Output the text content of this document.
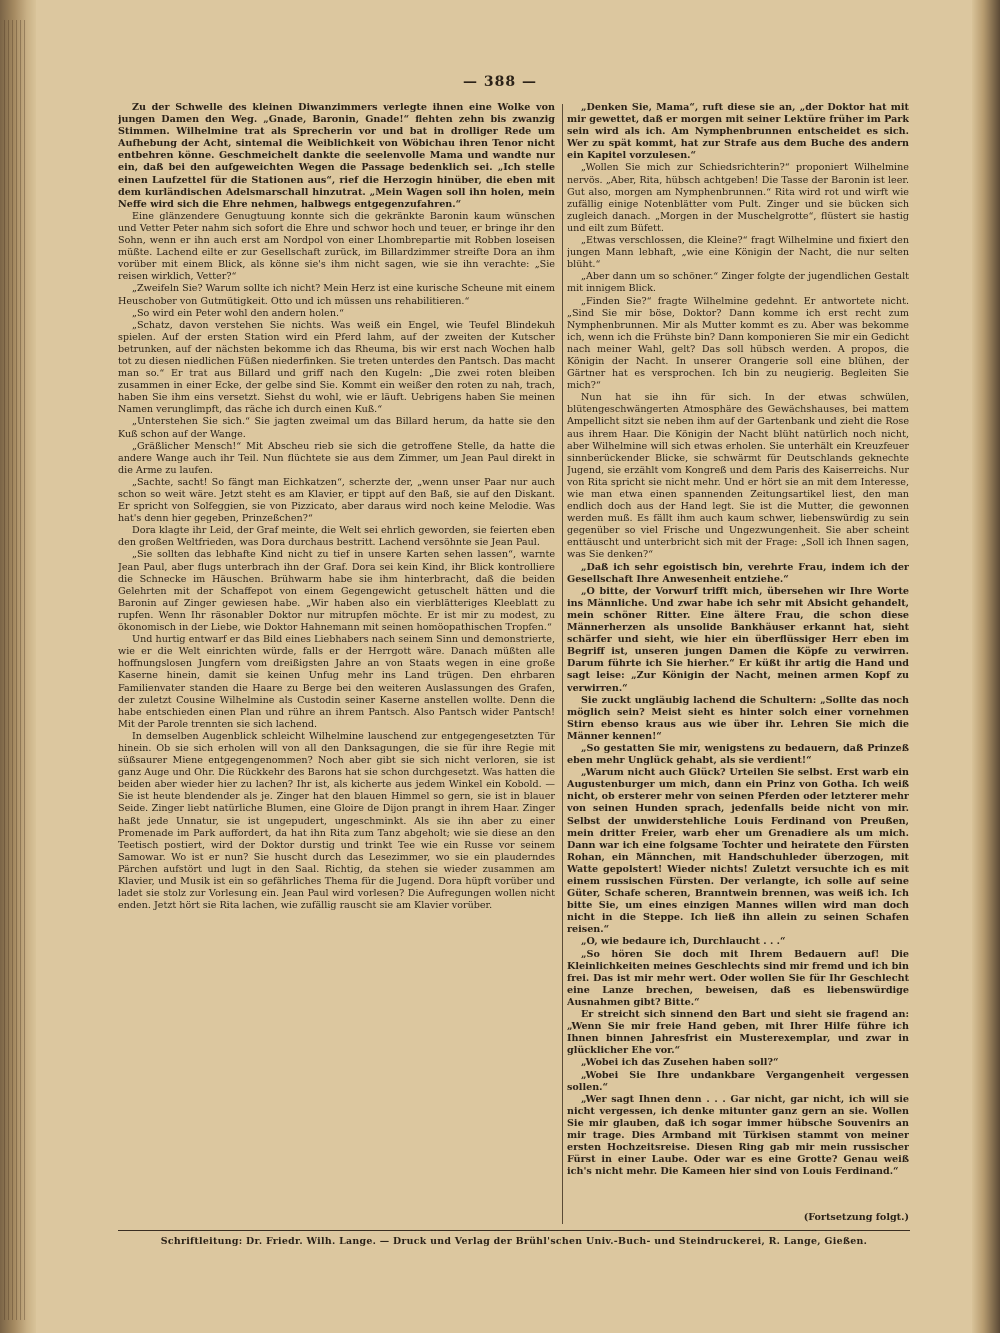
— 388 —

Zu der Schwelle des kleinen Diwanzimmers verlegte ihnen eine Wolke von jungen Damen den Weg. „Gnade, Baronin, Gnade!“ flehten zehn bis zwanzig Stimmen. Wilhelmine trat als Sprecherin vor und bat in drolliger Rede um Aufhebung der Acht, sintemal die Weiblichkeit von Wöbichau ihren Tenor nicht entbehren könne. Geschmeichelt dankte die seelenvolle Mama und wandte nur ein, daß bei den aufgeweichten Wegen die Passage bedenklich sei. „Ich stelle einen Laufzettel für die Stationen aus“, rief die Herzogin hinüber, die eben mit dem kurländischen Adelsmarschall hinzutrat. „Mein Wagen soll ihn holen, mein Neffe wird sich die Ehre nehmen, halbwegs entgegenzufahren.“

Eine glänzendere Genugtuung konnte sich die gekränkte Baronin kaum wünschen und Vetter Peter nahm sich sofort die Ehre und schwor hoch und teuer, er bringe ihr den Sohn, wenn er ihn auch erst am Nordpol von einer Lhombrepartie mit Robben loseisen müßte. Lachend eilte er zur Gesellschaft zurück, im Billardzimmer streifte Dora an ihm vorüber mit einem Blick, als könne sie's ihm nicht sagen, wie sie ihn verachte: „Sie reisen wirklich, Vetter?“

„Zweifeln Sie? Warum sollte ich nicht? Mein Herz ist eine kurische Scheune mit einem Heuschober von Gutmütigkeit. Otto und ich müssen uns rehabilitieren.“

„So wird ein Peter wohl den andern holen.“

„Schatz, davon verstehen Sie nichts. Was weiß ein Engel, wie Teufel Blindekuh spielen. Auf der ersten Station wird ein Pferd lahm, auf der zweiten der Kutscher betrunken, auf der nächsten bekomme ich das Rheuma, bis wir erst nach Wochen halb tot zu diesen niedlichen Füßen niederfinken. Sie treten unterdes den Pantsch. Das macht man so.“ Er trat aus Billard und griff nach den Kugeln: „Die zwei roten bleiben zusammen in einer Ecke, der gelbe sind Sie. Kommt ein weißer den roten zu nah, trach, haben Sie ihm eins versetzt. Siehst du wohl, wie er läuft. Uebrigens haben Sie meinen Namen verunglimpft, das räche ich durch einen Kuß.“

„Unterstehen Sie sich.“ Sie jagten zweimal um das Billard herum, da hatte sie den Kuß schon auf der Wange.

„Gräßlicher Mensch!“ Mit Abscheu rieb sie sich die getroffene Stelle, da hatte die andere Wange auch ihr Teil. Nun flüchtete sie aus dem Zimmer, um Jean Paul direkt in die Arme zu laufen.

„Sachte, sacht! So fängt man Eichkatzen“, scherzte der, „wenn unser Paar nur auch schon so weit wäre. Jetzt steht es am Klavier, er tippt auf den Baß, sie auf den Diskant. Er spricht von Solfeggien, sie von Pizzicato, aber daraus wird noch keine Melodie. Was hat's denn hier gegeben, Prinzeßchen?“

Dora klagte ihr Leid, der Graf meinte, die Welt sei ehrlich geworden, sie feierten eben den großen Weltfrieden, was Dora durchaus bestritt. Lachend versöhnte sie Jean Paul.

„Sie sollten das lebhafte Kind nicht zu tief in unsere Karten sehen lassen“, warnte Jean Paul, aber flugs unterbrach ihn der Graf. Dora sei kein Kind, ihr Blick kontrolliere die Schnecke im Häuschen. Brühwarm habe sie ihm hinterbracht, daß die beiden Gelehrten mit der Schaffepot von einem Gegengewicht getuschelt hätten und die Baronin auf Zinger gewiesen habe. „Wir haben also ein vierblätteriges Kleeblatt zu rupfen. Wenn Ihr räsonabler Doktor nur mitrupfen möchte. Er ist mir zu modest, zu ökonomisch in der Liebe, wie Doktor Hahnemann mit seinen homöopathischen Tropfen.“

Und hurtig entwarf er das Bild eines Liebhabers nach seinem Sinn und demonstrierte, wie er die Welt einrichten würde, falls er der Herrgott wäre. Danach müßten alle hoffnungslosen Jungfern vom dreißigsten Jahre an von Staats wegen in eine große Kaserne hinein, damit sie keinen Unfug mehr ins Land trügen. Den ehrbaren Familienvater standen die Haare zu Berge bei den weiteren Auslassungen des Grafen, der zuletzt Cousine Wilhelmine als Custodin seiner Kaserne anstellen wollte. Denn die habe entschieden einen Plan und rühre an ihrem Pantsch. Also Pantsch wider Pantsch! Mit der Parole trennten sie sich lachend.

In demselben Augenblick schleicht Wilhelmine lauschend zur entgegengesetzten Tür hinein. Ob sie sich erholen will von all den Danksagungen, die sie für ihre Regie mit süßsaurer Miene entgegengenommen? Noch aber gibt sie sich nicht verloren, sie ist ganz Auge und Ohr. Die Rückkehr des Barons hat sie schon durchgesetzt. Was hatten die beiden aber wieder hier zu lachen? Ihr ist, als kicherte aus jedem Winkel ein Kobold. — Sie ist heute blendender als je. Zinger hat den blauen Himmel so gern, sie ist in blauer Seide. Zinger liebt natürliche Blumen, eine Gloire de Dijon prangt in ihrem Haar. Zinger haßt jede Unnatur, sie ist ungepudert, ungeschminkt. Als sie ihn aber zu einer Promenade im Park auffordert, da hat ihn Rita zum Tanz abgeholt; wie sie diese an den Teetisch postiert, wird der Doktor durstig und trinkt Tee wie ein Russe vor seinem Samowar. Wo ist er nun? Sie huscht durch das Lesezimmer, wo sie ein plauderndes Pärchen aufstört und lugt in den Saal. Richtig, da stehen sie wieder zusammen am Klavier, und Musik ist ein so gefährliches Thema für die Jugend. Dora hüpft vorüber und ladet sie stolz zur Vorlesung ein. Jean Paul wird vorlesen? Die Aufregungen wollen nicht enden. Jetzt hört sie Rita lachen, wie zufällig rauscht sie am Klavier vorüber.

„Denken Sie, Mama“, ruft diese sie an, „der Doktor hat mit mir gewettet, daß er morgen mit seiner Lektüre früher im Park sein wird als ich. Am Nymphenbrunnen entscheidet es sich. Wer zu spät kommt, hat zur Strafe aus dem Buche des andern ein Kapitel vorzulesen.“

„Wollen Sie mich zur Schiedsrichterin?“ proponiert Wilhelmine nervös. „Aber, Rita, hübsch achtgeben! Die Tasse der Baronin ist leer. Gut also, morgen am Nymphenbrunnen.“ Rita wird rot und wirft wie zufällig einige Notenblätter vom Pult. Zinger und sie bücken sich zugleich danach. „Morgen in der Muschelgrotte“, flüstert sie hastig und eilt zum Büfett.

„Etwas verschlossen, die Kleine?“ fragt Wilhelmine und fixiert den jungen Mann lebhaft, „wie eine Königin der Nacht, die nur selten blüht.“

„Aber dann um so schöner.“ Zinger folgte der jugendlichen Gestalt mit innigem Blick.

„Finden Sie?“ fragte Wilhelmine gedehnt. Er antwortete nicht. „Sind Sie mir böse, Doktor? Dann komme ich erst recht zum Nymphenbrunnen. Mir als Mutter kommt es zu. Aber was bekomme ich, wenn ich die Frühste bin? Dann komponieren Sie mir ein Gedicht nach meiner Wahl, gelt? Das soll hübsch werden. A propos, die Königin der Nacht. In unserer Orangerie soll eine blühen, der Gärtner hat es versprochen. Ich bin zu neugierig. Begleiten Sie mich?“

Nun hat sie ihn für sich. In der etwas schwülen, blütengeschwängerten Atmosphäre des Gewächshauses, bei mattem Ampellicht sitzt sie neben ihm auf der Gartenbank und zieht die Rose aus ihrem Haar. Die Königin der Nacht blüht natürlich noch nicht, aber Wilhelmine will sich etwas erholen. Sie unterhält ein Kreuzfeuer sinnberückender Blicke, sie schwärmt für Deutschlands geknechte Jugend, sie erzählt vom Kongreß und dem Paris des Kaiserreichs. Nur von Rita spricht sie nicht mehr. Und er hört sie an mit dem Interesse, wie man etwa einen spannenden Zeitungsartikel liest, den man endlich doch aus der Hand legt. Sie ist die Mutter, die gewonnen werden muß. Es fällt ihm auch kaum schwer, liebenswürdig zu sein gegenüber so viel Frische und Ungezwungenheit. Sie aber scheint enttäuscht und unterbricht sich mit der Frage: „Soll ich Ihnen sagen, was Sie denken?“

„Daß ich sehr egoistisch bin, verehrte Frau, indem ich der Gesellschaft Ihre Anwesenheit entziehe.“

„O bitte, der Vorwurf trifft mich, übersehen wir Ihre Worte ins Männliche. Und zwar habe ich sehr mit Absicht gehandelt, mein schöner Ritter. Eine ältere Frau, die schon diese Männerherzen als unsolide Bankhäuser erkannt hat, sieht schärfer und sieht, wie hier ein überflüssiger Herr eben im Begriff ist, unseren jungen Damen die Köpfe zu verwirren. Darum führte ich Sie hierher.“ Er küßt ihr artig die Hand und sagt leise: „Zur Königin der Nacht, meinen armen Kopf zu verwirren.“

Sie zuckt ungläubig lachend die Schultern: „Sollte das noch möglich sein? Meist sieht es hinter solch einer vornehmen Stirn ebenso kraus aus wie über ihr. Lehren Sie mich die Männer kennen!“

„So gestatten Sie mir, wenigstens zu bedauern, daß Prinzeß eben mehr Unglück gehabt, als sie verdient!“

„Warum nicht auch Glück? Urteilen Sie selbst. Erst warb ein Augustenburger um mich, dann ein Prinz von Gotha. Ich weiß nicht, ob ersterer mehr von seinen Pferden oder letzterer mehr von seinen Hunden sprach, jedenfalls beide nicht von mir. Selbst der unwiderstehliche Louis Ferdinand von Preußen, mein dritter Freier, warb eher um Grenadiere als um mich. Dann war ich eine folgsame Tochter und heiratete den Fürsten Rohan, ein Männchen, mit Handschuhleder überzogen, mit Watte gepolstert! Wieder nichts! Zuletzt versuchte ich es mit einem russischen Fürsten. Der verlangte, ich solle auf seine Güter, Schafe scheren, Branntwein brennen, was weiß ich. Ich bitte Sie, um eines einzigen Mannes willen wird man doch nicht in die Steppe. Ich ließ ihn allein zu seinen Schafen reisen.“

„O, wie bedaure ich, Durchlaucht . . .“

„So hören Sie doch mit Ihrem Bedauern auf! Die Kleinlichkeiten meines Geschlechts sind mir fremd und ich bin frei. Das ist mir mehr wert. Oder wollen Sie für Ihr Geschlecht eine Lanze brechen, beweisen, daß es liebenswürdige Ausnahmen gibt? Bitte.“

Er streicht sich sinnend den Bart und sieht sie fragend an: „Wenn Sie mir freie Hand geben, mit Ihrer Hilfe führe ich Ihnen binnen Jahresfrist ein Musterexemplar, und zwar in glücklicher Ehe vor.“

„Wobei ich das Zusehen haben soll?“

„Wobei Sie Ihre undankbare Vergangenheit vergessen sollen.“

„Wer sagt Ihnen denn . . . Gar nicht, gar nicht, ich will sie nicht vergessen, ich denke mitunter ganz gern an sie. Wollen Sie mir glauben, daß ich sogar immer hübsche Souvenirs an mir trage. Dies Armband mit Türkisen stammt von meiner ersten Hochzeitsreise. Diesen Ring gab mir mein russischer Fürst in einer Laube. Oder war es eine Grotte? Genau weiß ich's nicht mehr. Die Kameen hier sind von Louis Ferdinand.“

(Fortsetzung folgt.)
Schriftleitung: Dr. Friedr. Wilh. Lange. — Druck und Verlag der Brühl'schen Univ.-Buch- und Steindruckerei, R. Lange, Gießen.
